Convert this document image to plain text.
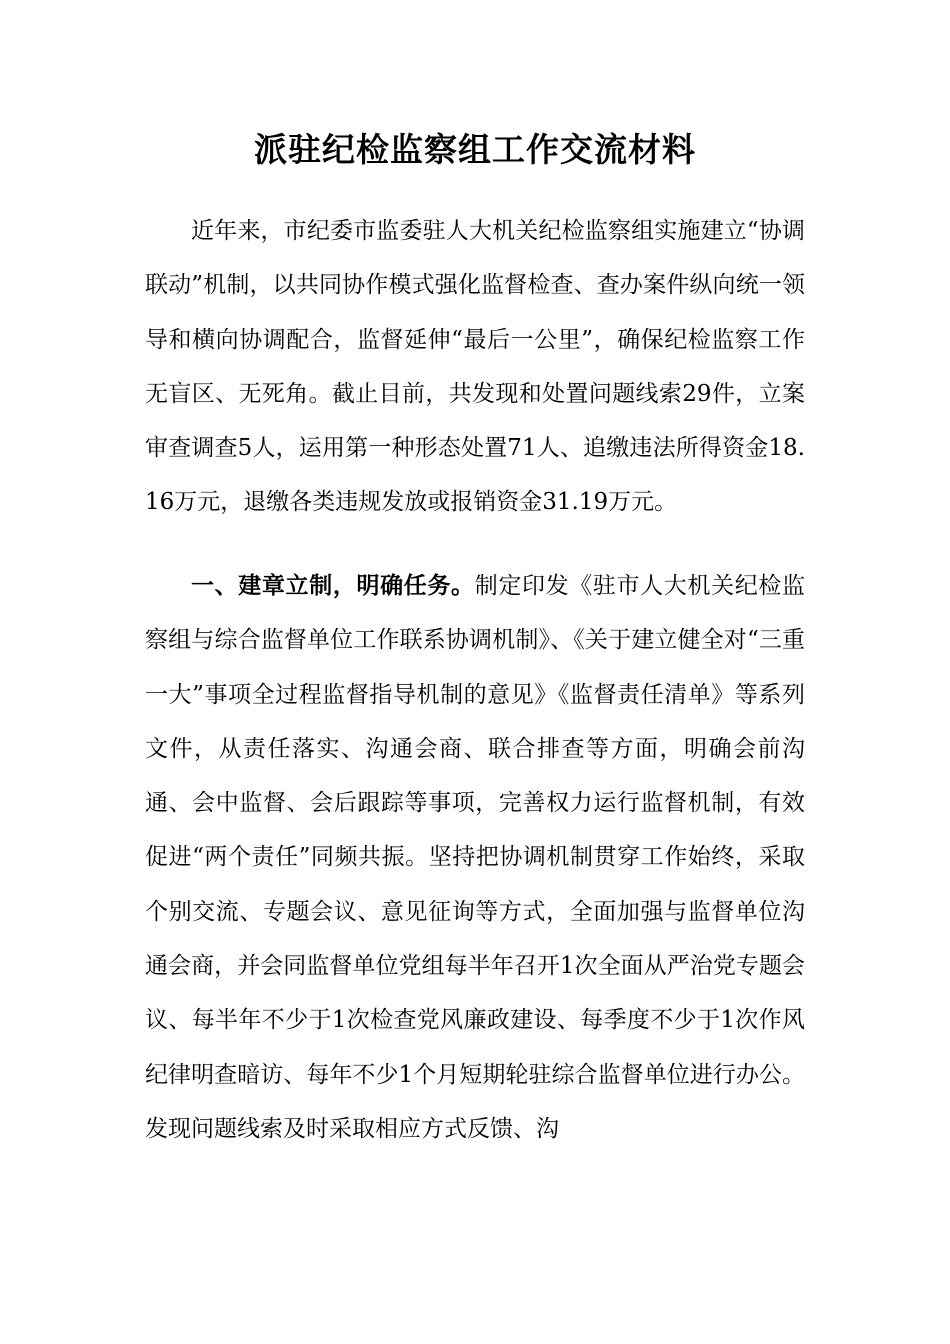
派驻纪检监察组工作交流材料

近年来，市纪委市监委驻人大机关纪检监察组实施建立“协调联动”机制，以共同协作模式强化监督检查、查办案件纵向统一领导和横向协调配合，监督延伸“最后一公里”，确保纪检监察工作无盲区、无死角。截止目前，共发现和处置问题线索29件，立案审查调查5人，运用第一种形态处置71人、追缴违法所得资金18.16万元，退缴各类违规发放或报销资金31.19万元。

一、建章立制，明确任务。制定印发《驻市人大机关纪检监察组与综合监督单位工作联系协调机制》、《关于建立健全对“三重一大”事项全过程监督指导机制的意见》《监督责任清单》等系列文件，从责任落实、沟通会商、联合排查等方面，明确会前沟通、会中监督、会后跟踪等事项，完善权力运行监督机制，有效促进“两个责任”同频共振。坚持把协调机制贯穿工作始终，采取个别交流、专题会议、意见征询等方式，全面加强与监督单位沟通会商，并会同监督单位党组每半年召开1次全面从严治党专题会议、每半年不少于1次检查党风廉政建设、每季度不少于1次作风纪律明查暗访、每年不少1个月短期轮驻综合监督单位进行办公。发现问题线索及时采取相应方式反馈、沟
